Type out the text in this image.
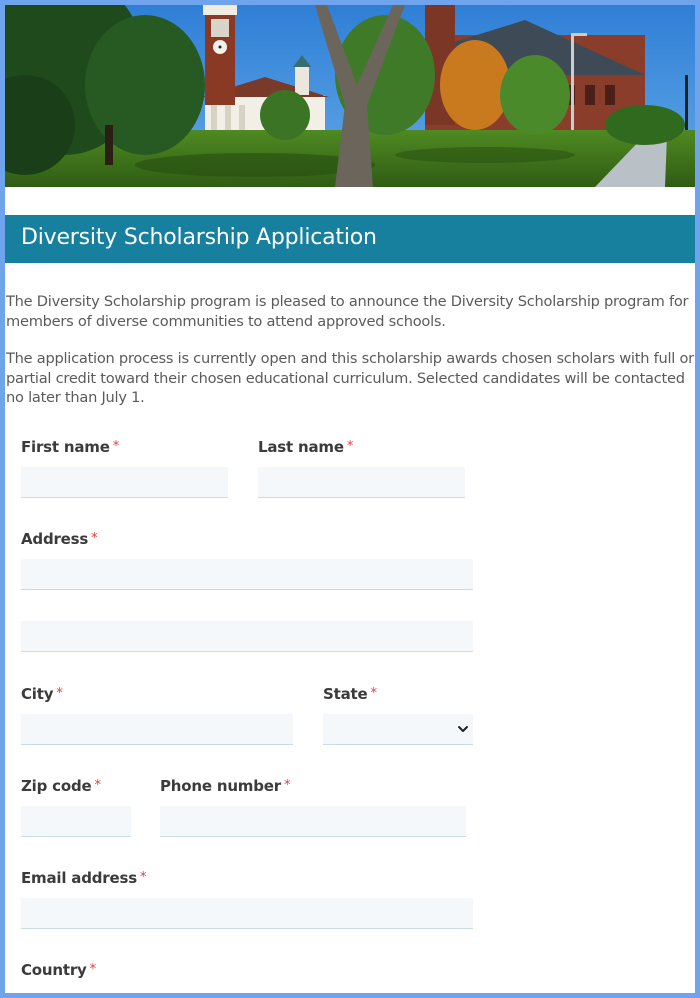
Diversity Scholarship Application

The Diversity Scholarship program is pleased to announce the Diversity Scholarship program for members of diverse communities to attend approved schools.

The application process is currently open and this scholarship awards chosen scholars with full or partial credit toward their chosen educational curriculum. Selected candidates will be contacted no later than July 1.

First name *	Last name *
Address *
City *	State *
Zip code *	Phone number *
Email address *
Country *
